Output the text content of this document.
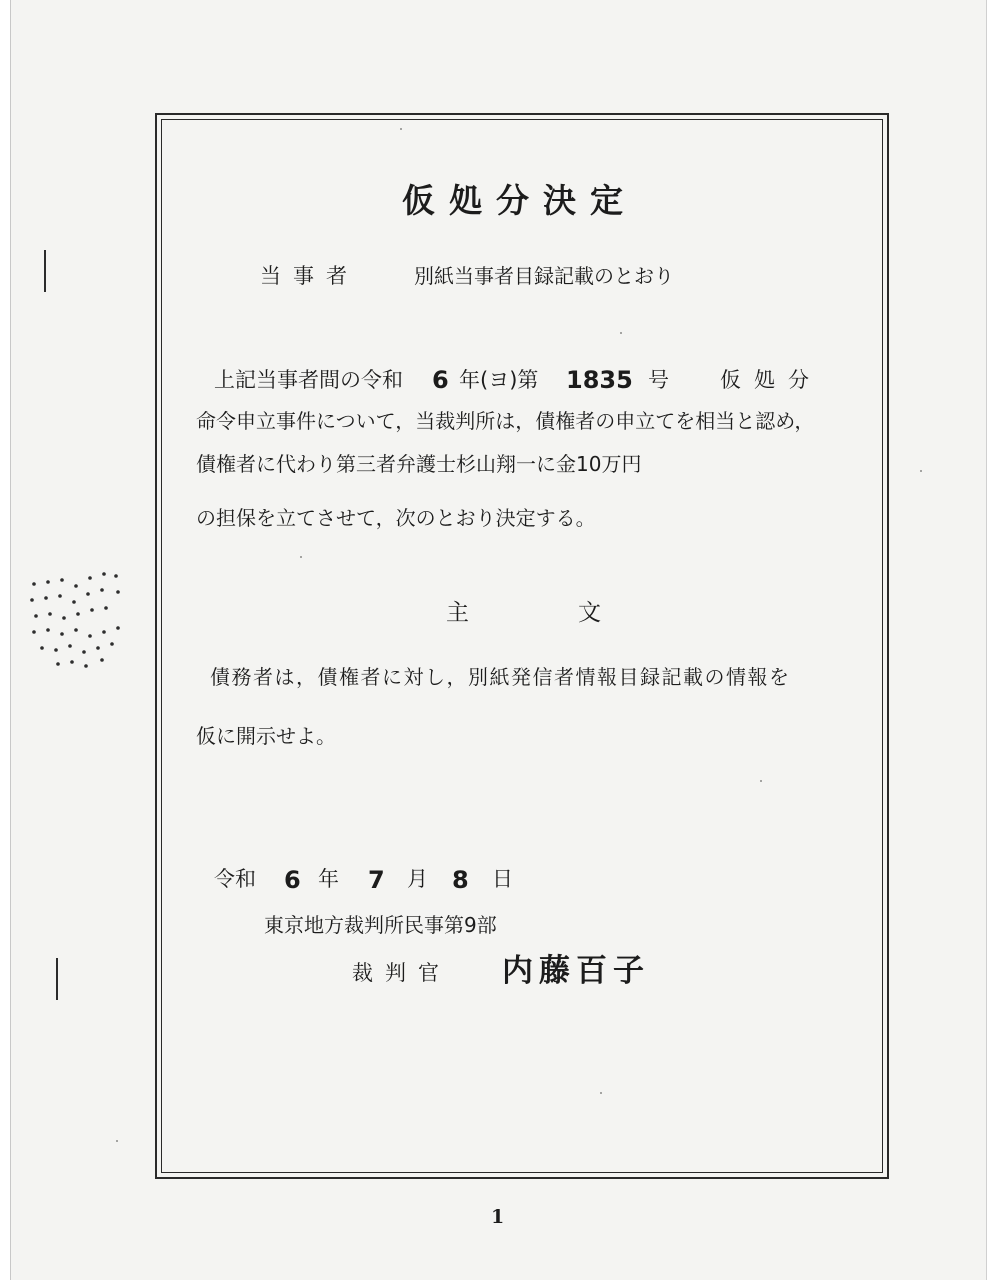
仮処分決定
当事者	別紙当事者目録記載のとおり
上記当事者間の令和 6 年(ヨ)第 1835 号 仮処分
命令申立事件について，当裁判所は，債権者の申立てを相当と認め，
債権者に代わり第三者弁護士杉山翔一に金10万円
の担保を立てさせて，次のとおり決定する。
主	文
債務者は，債権者に対し，別紙発信者情報目録記載の情報を
仮に開示せよ。
令和 6 年 7 月 8 日
東京地方裁判所民事第9部
裁判官 内藤百子
1
